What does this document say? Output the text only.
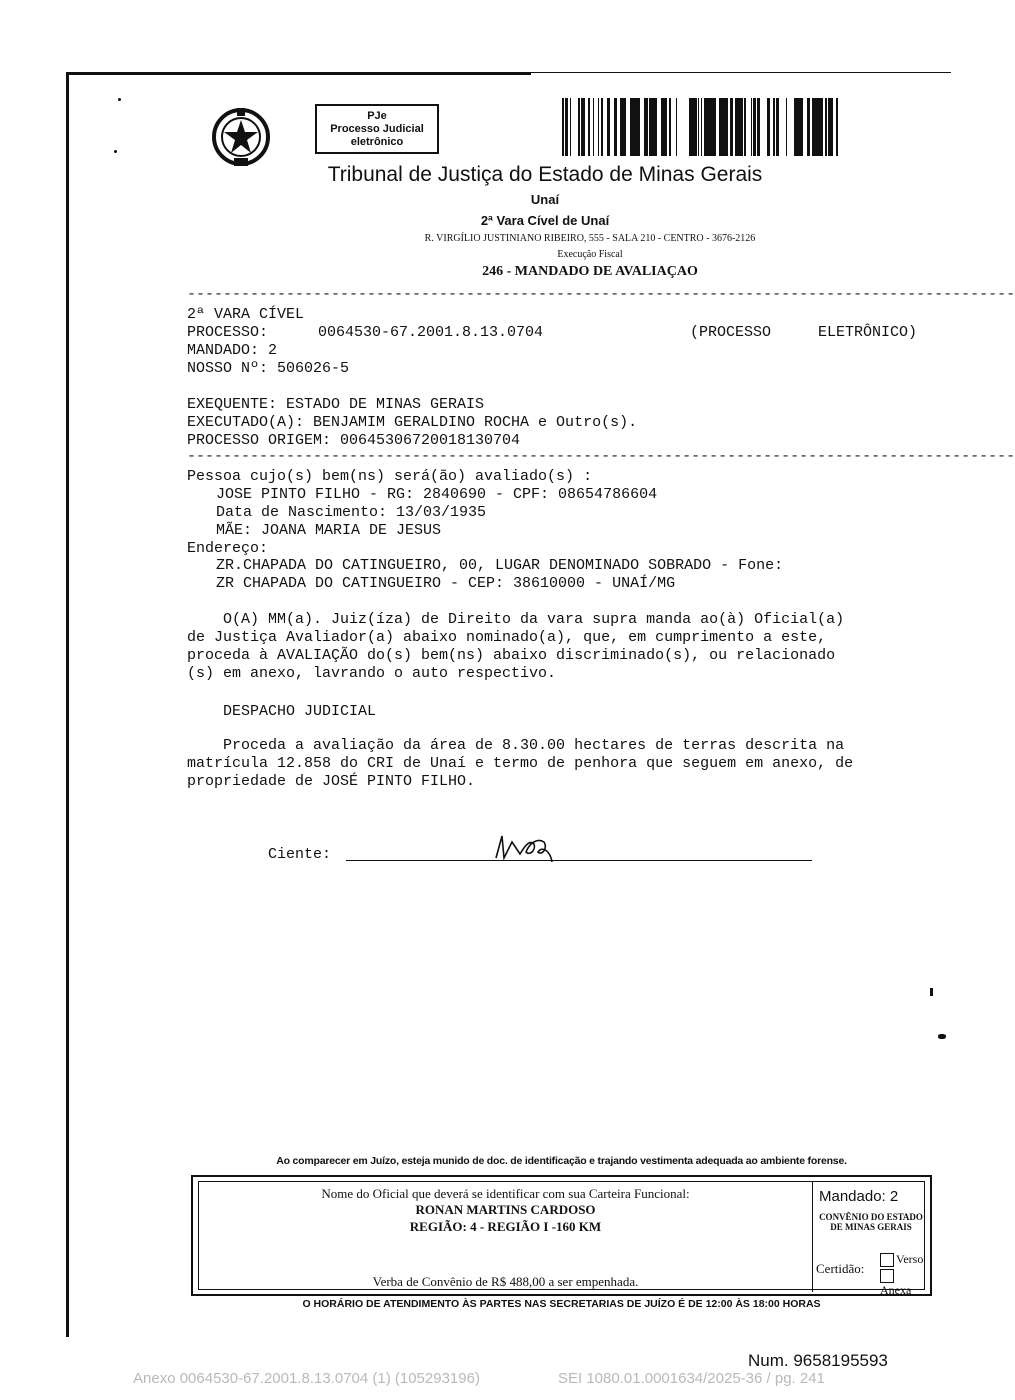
PJe
Processo Judicial
eletrônico
Tribunal de Justiça do Estado de Minas Gerais
Unaí
2ª Vara Cível de Unaí
R. VIRGÍLIO JUSTINIANO RIBEIRO, 555 - SALA 210 - CENTRO - 3676-2126
Execução Fiscal
246 - MANDADO DE AVALIAÇAO
--------------------------------------------------------------------------------------------
2ª VARA CÍVEL
PROCESSO:	0064530-67.2001.8.13.0704	(PROCESSO	ELETRÔNICO)
MANDADO: 2
NOSSO Nº: 506026-5
EXEQUENTE: ESTADO DE MINAS GERAIS
EXECUTADO(A): BENJAMIM GERALDINO ROCHA e Outro(s).
PROCESSO ORIGEM: 00645306720018130704
--------------------------------------------------------------------------------------------
Pessoa cujo(s) bem(ns) será(ão) avaliado(s) :
JOSE PINTO FILHO - RG: 2840690 - CPF: 08654786604
Data de Nascimento: 13/03/1935
MÃE: JOANA MARIA DE JESUS
Endereço:
ZR.CHAPADA DO CATINGUEIRO, 00, LUGAR DENOMINADO SOBRADO - Fone:
ZR CHAPADA DO CATINGUEIRO - CEP: 38610000 - UNAÍ/MG
O(A) MM(a). Juiz(íza) de Direito da vara supra manda ao(à) Oficial(a)
de Justiça Avaliador(a) abaixo nominado(a), que, em cumprimento a este,
proceda à AVALIAÇÃO do(s) bem(ns) abaixo discriminado(s), ou relacionado
(s) em anexo, lavrando o auto respectivo.
DESPACHO JUDICIAL
Proceda a avaliação da área de 8.30.00 hectares de terras descrita na
matrícula 12.858 do CRI de Unaí e termo de penhora que seguem em anexo, de
propriedade de JOSÉ PINTO FILHO.
Ciente:
Ao comparecer em Juízo, esteja munido de doc. de identificação e trajando vestimenta adequada ao ambiente forense.
Nome do Oficial que deverá se identificar com sua Carteira Funcional:
RONAN MARTINS CARDOSO
REGIÃO: 4 - REGIÃO I -160 KM
Verba de Convênio de R$ 488,00 a ser empenhada.
Mandado: 2
CONVÊNIO DO ESTADO
DE MINAS GERAIS
Certidão:
Verso
Anexa
O HORÁRIO DE ATENDIMENTO ÀS PARTES NAS SECRETARIAS DE JUÍZO É DE 12:00 ÀS 18:00 HORAS
Num. 9658195593
Anexo 0064530-67.2001.8.13.0704 (1) (105293196)	SEI 1080.01.0001634/2025-36 / pg. 241
